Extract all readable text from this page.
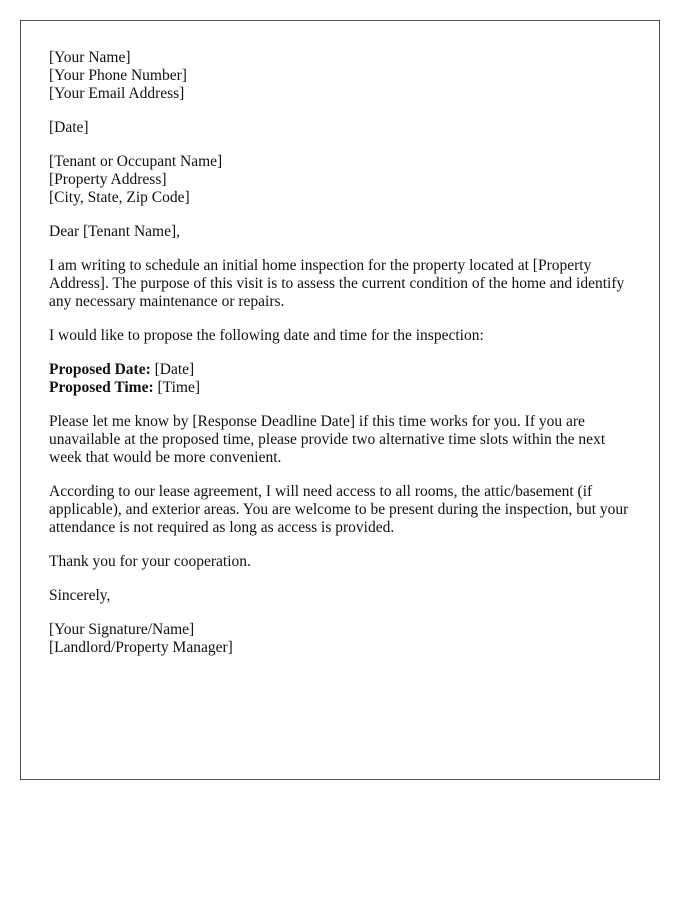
[Your Name]
[Your Phone Number]
[Your Email Address]
[Date]
[Tenant or Occupant Name]
[Property Address]
[City, State, Zip Code]

Dear [Tenant Name],

I am writing to schedule an initial home inspection for the property located at [Property Address]. The purpose of this visit is to assess the current condition of the home and identify any necessary maintenance or repairs.

I would like to propose the following date and time for the inspection:

Proposed Date: [Date]
Proposed Time: [Time]

Please let me know by [Response Deadline Date] if this time works for you. If you are unavailable at the proposed time, please provide two alternative time slots within the next week that would be more convenient.

According to our lease agreement, I will need access to all rooms, the attic/basement (if applicable), and exterior areas. You are welcome to be present during the inspection, but your attendance is not required as long as access is provided.

Thank you for your cooperation.

Sincerely,

[Your Signature/Name]
[Landlord/Property Manager]
